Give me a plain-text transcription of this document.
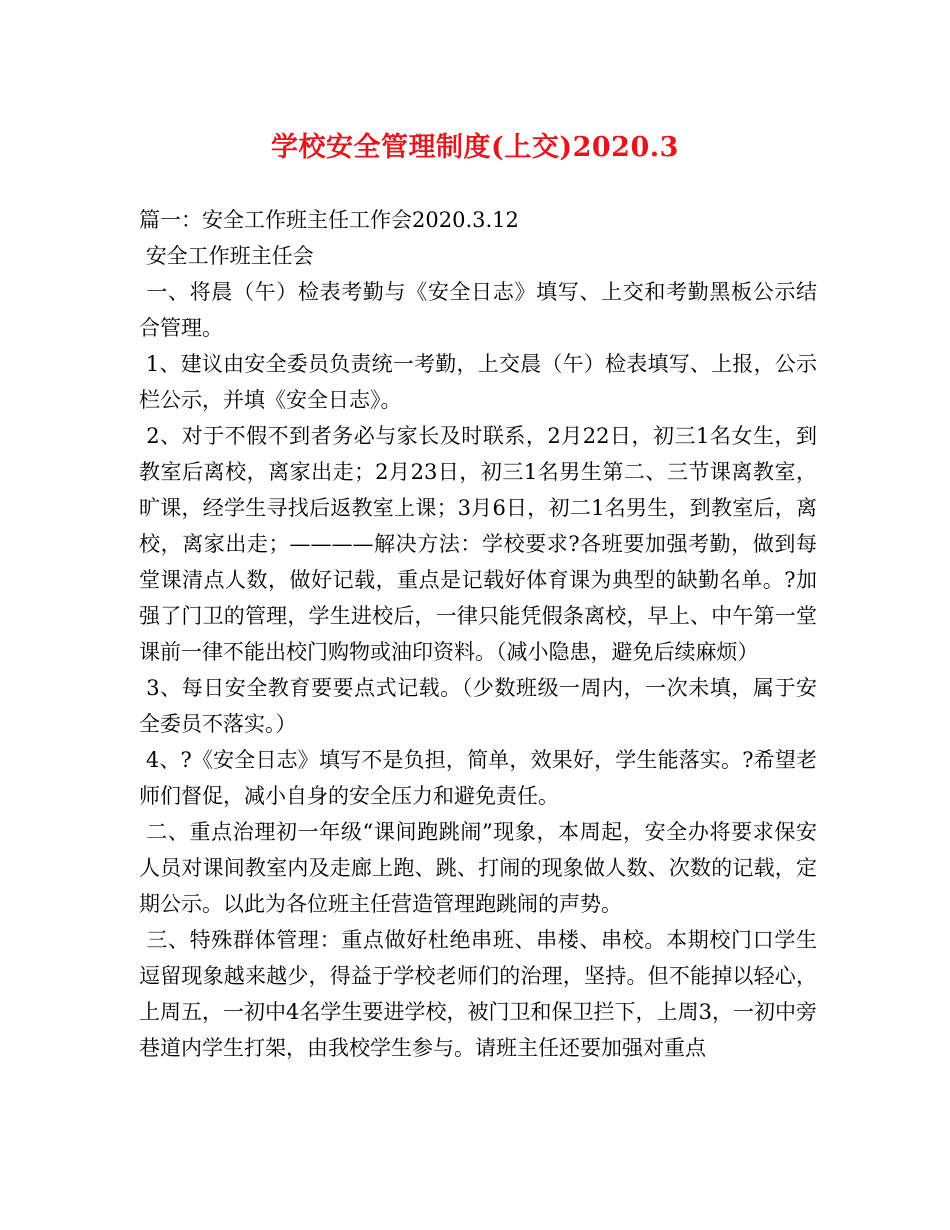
学校安全管理制度(上交)2020.3

篇一：安全工作班主任工作会2020.3.12

安全工作班主任会

一、将晨（午）检表考勤与《安全日志》填写、上交和考勤黑板公示结合管理。

1、建议由安全委员负责统一考勤，上交晨（午）检表填写、上报，公示栏公示，并填《安全日志》。

2、对于不假不到者务必与家长及时联系，2月22日，初三1名女生，到教室后离校，离家出走；2月23日，初三1名男生第二、三节课离教室，旷课，经学生寻找后返教室上课；3月6日，初二1名男生，到教室后，离校，离家出走；————解决方法：学校要求?各班要加强考勤，做到每堂课清点人数，做好记载，重点是记载好体育课为典型的缺勤名单。?加强了门卫的管理，学生进校后，一律只能凭假条离校，早上、中午第一堂课前一律不能出校门购物或油印资料。（减小隐患，避免后续麻烦）

3、每日安全教育要要点式记载。（少数班级一周内，一次未填，属于安全委员不落实。）

4、?《安全日志》填写不是负担，简单，效果好，学生能落实。?希望老师们督促，减小自身的安全压力和避免责任。

二、重点治理初一年级“课间跑跳闹”现象，本周起，安全办将要求保安人员对课间教室内及走廊上跑、跳、打闹的现象做人数、次数的记载，定期公示。以此为各位班主任营造管理跑跳闹的声势。

三、特殊群体管理：重点做好杜绝串班、串楼、串校。本期校门口学生逗留现象越来越少，得益于学校老师们的治理，坚持。但不能掉以轻心，上周五，一初中4名学生要进学校，被门卫和保卫拦下，上周3，一初中旁巷道内学生打架，由我校学生参与。请班主任还要加强对重点
